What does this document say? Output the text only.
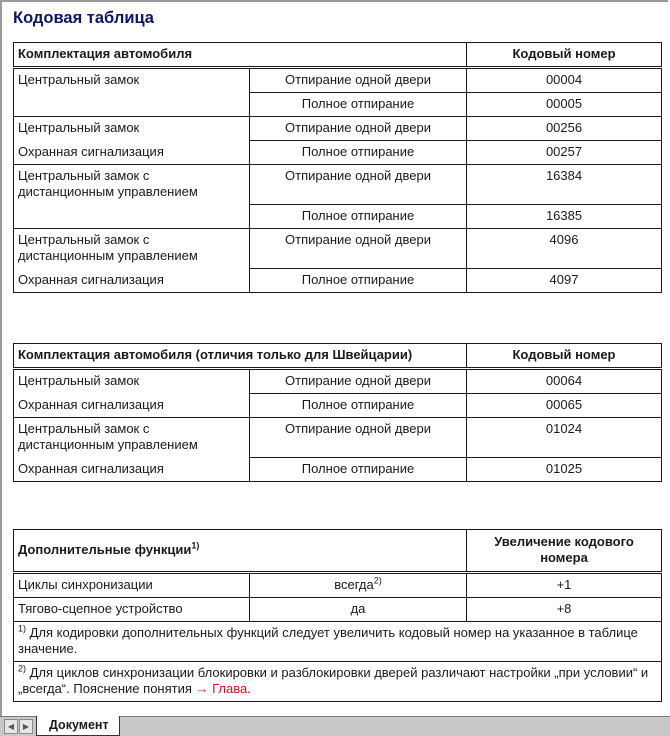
Кодовая таблица
Комплектация автомобиля		Кодовый номер
Центральный замок	Отпирание одной двери	00004
	Полное отпирание	00005
Центральный замок	Отпирание одной двери	00256
Охранная сигнализация	Полное отпирание	00257
Центральный замок с дистанционным управлением	Отпирание одной двери	16384
	Полное отпирание	16385
Центральный замок с дистанционным управлением	Отпирание одной двери	4096
Охранная сигнализация	Полное отпирание	4097
Комплектация автомобиля (отличия только для Швейцарии)		Кодовый номер
Центральный замок	Отпирание одной двери	00064
Охранная сигнализация	Полное отпирание	00065
Центральный замок с дистанционным управлением	Отпирание одной двери	01024
Охранная сигнализация	Полное отпирание	01025
Дополнительные функции$^{1)}$		Увеличение кодового номера
Циклы синхронизации	всегда$^{2)}$	+1
Тягово-сцепное устройство	да	+8
$^{1)}$ Для кодировки дополнительных функций следует увеличить кодовый номер на указанное в таблице значение.		
$^{2)}$ Для циклов синхронизации блокировки и разблокировки дверей различают настройки „при условии“ и „всегда“. Пояснение понятия → Глава.		
◀	▶	Документ
